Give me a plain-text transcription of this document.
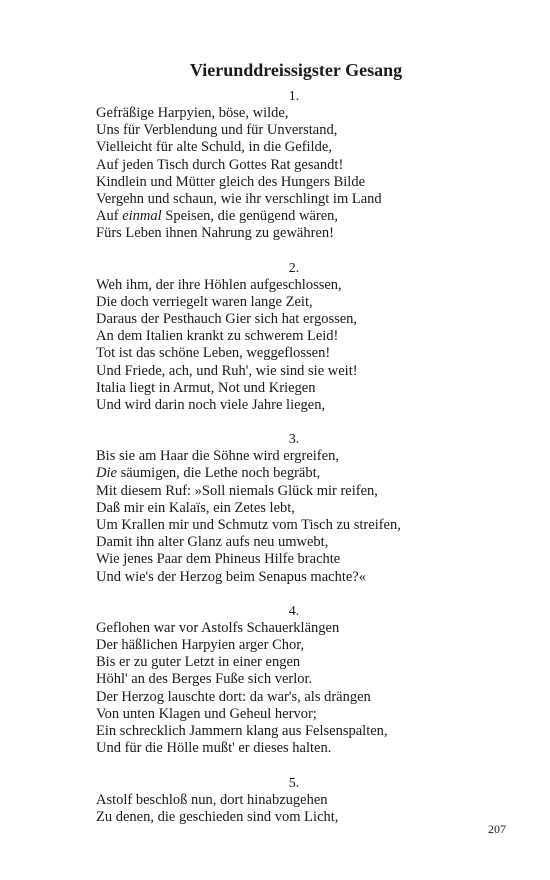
Vierunddreissigster Gesang
1.
Gefräßige Harpyien, böse, wilde,
Uns für Verblendung und für Unverstand,
Vielleicht für alte Schuld, in die Gefilde,
Auf jeden Tisch durch Gottes Rat gesandt!
Kindlein und Mütter gleich des Hungers Bilde
Vergehn und schaun, wie ihr verschlingt im Land
Auf einmal Speisen, die genügend wären,
Fürs Leben ihnen Nahrung zu gewähren!
2.
Weh ihm, der ihre Höhlen aufgeschlossen,
Die doch verriegelt waren lange Zeit,
Daraus der Pesthauch Gier sich hat ergossen,
An dem Italien krankt zu schwerem Leid!
Tot ist das schöne Leben, weggeflossen!
Und Friede, ach, und Ruh', wie sind sie weit!
Italia liegt in Armut, Not und Kriegen
Und wird darin noch viele Jahre liegen,
3.
Bis sie am Haar die Söhne wird ergreifen,
Die säumigen, die Lethe noch begräbt,
Mit diesem Ruf: »Soll niemals Glück mir reifen,
Daß mir ein Kalaïs, ein Zetes lebt,
Um Krallen mir und Schmutz vom Tisch zu streifen,
Damit ihn alter Glanz aufs neu umwebt,
Wie jenes Paar dem Phineus Hilfe brachte
Und wie's der Herzog beim Senapus machte?«
4.
Geflohen war vor Astolfs Schauerklängen
Der häßlichen Harpyien arger Chor,
Bis er zu guter Letzt in einer engen
Höhl' an des Berges Fuße sich verlor.
Der Herzog lauschte dort: da war's, als drängen
Von unten Klagen und Geheul hervor;
Ein schrecklich Jammern klang aus Felsenspalten,
Und für die Hölle mußt' er dieses halten.
5.
Astolf beschloß nun, dort hinabzugehen
Zu denen, die geschieden sind vom Licht,
207
